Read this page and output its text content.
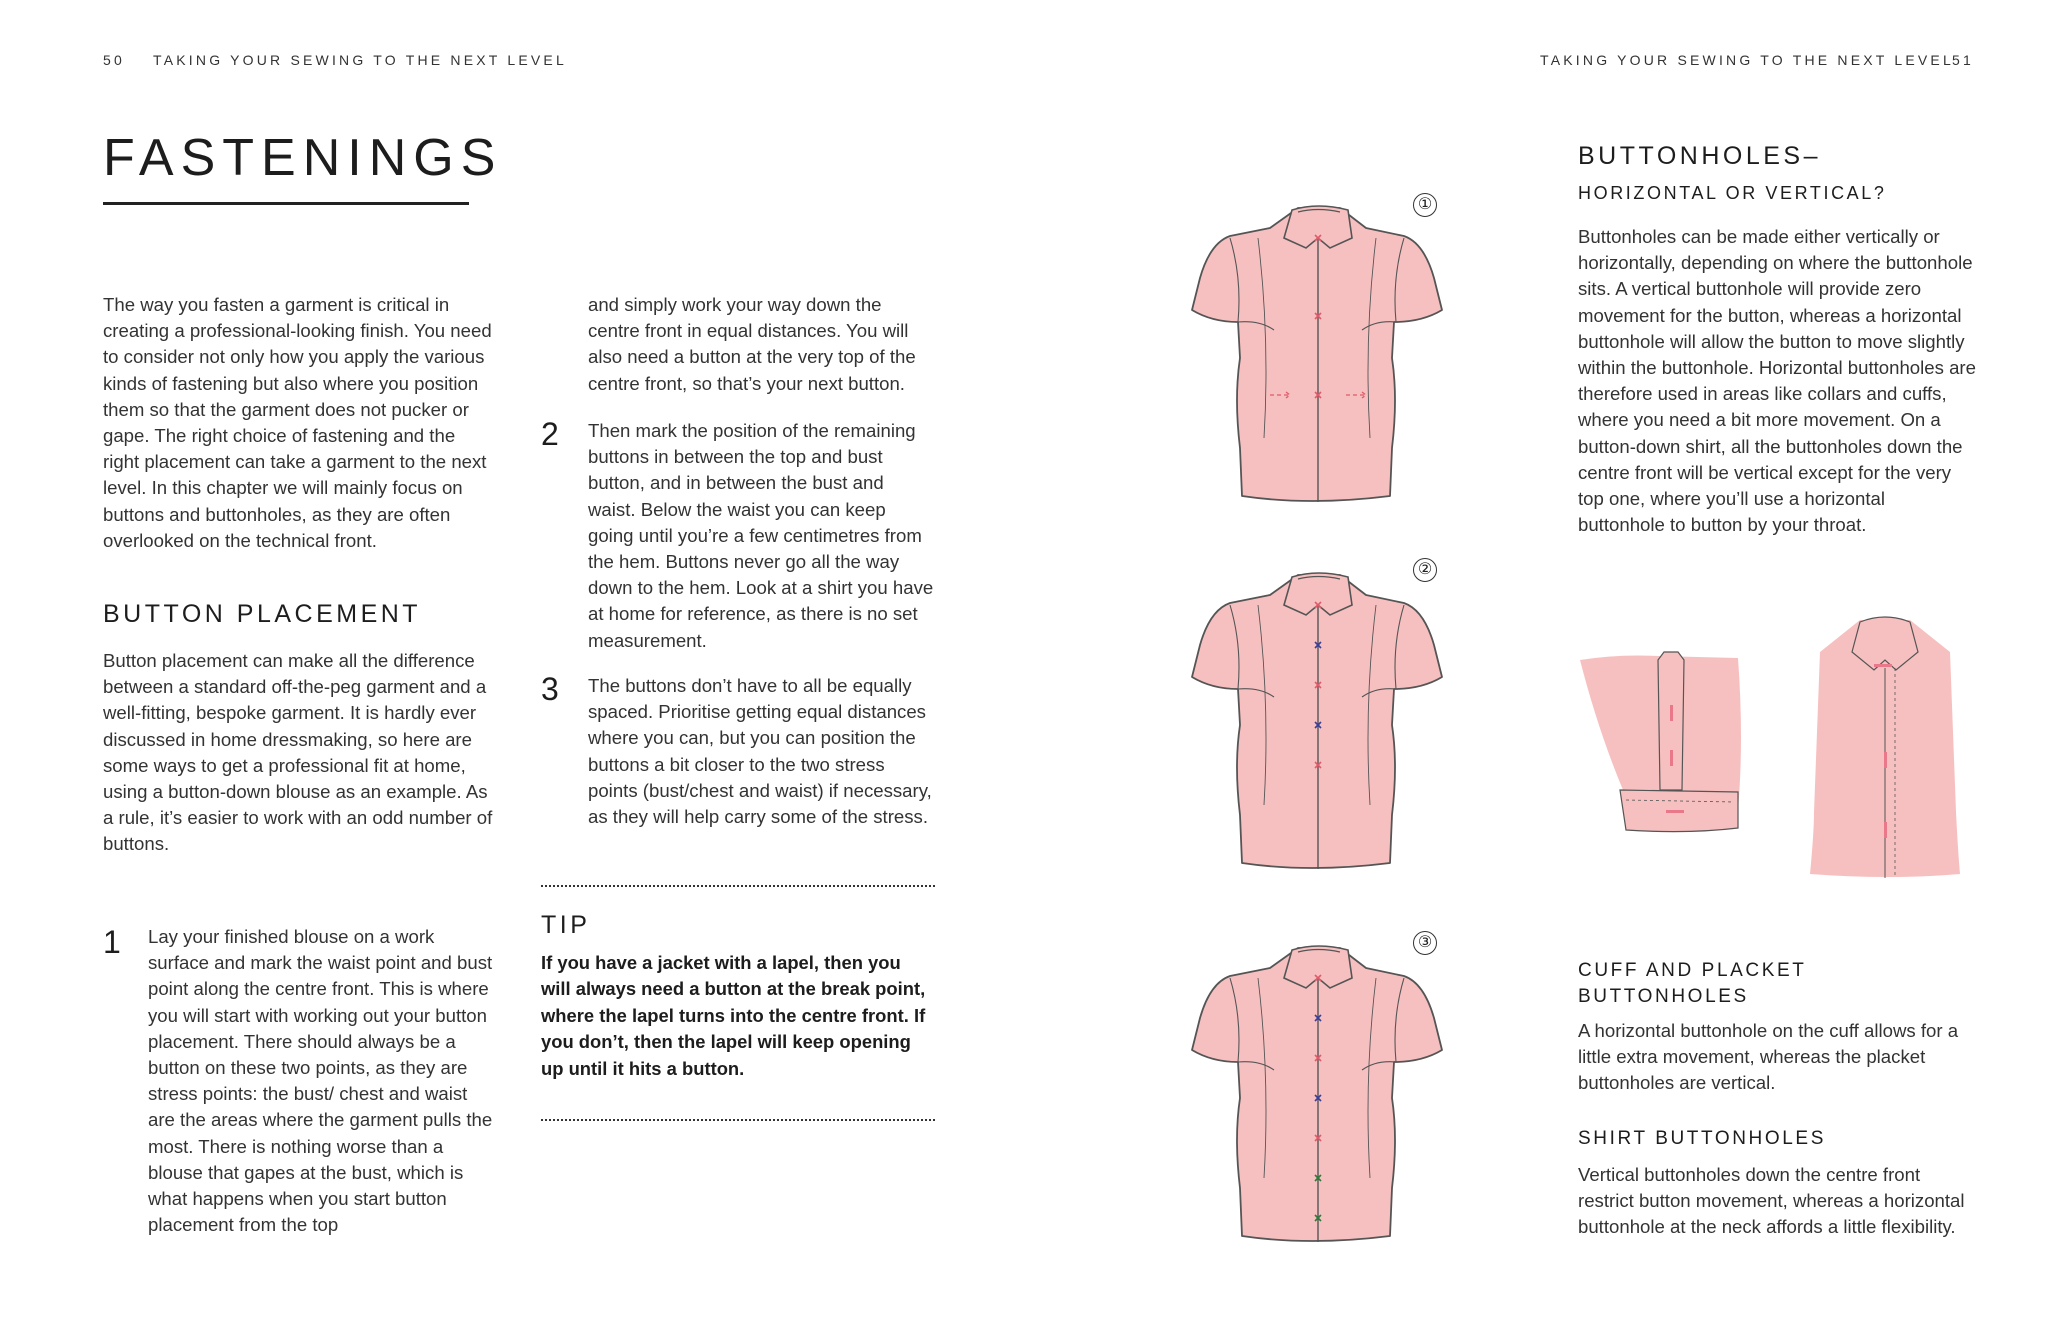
50 TAKING YOUR SEWING TO THE NEXT LEVEL	TAKING YOUR SEWING TO THE NEXT LEVEL
51
FASTENINGS

The way you fasten a garment is critical in creating a professional-looking finish. You need to consider not only how you apply the various kinds of fastening but also where you position them so that the garment does not pucker or gape. The right choice of fastening and the right placement can take a garment to the next level. In this chapter we will mainly focus on buttons and buttonholes, as they are often overlooked on the technical front.

BUTTON PLACEMENT

Button placement can make all the difference between a standard off-the-peg garment and a well-fitting, bespoke garment. It is hardly ever discussed in home dressmaking, so here are some ways to get a professional fit at home, using a button-down blouse as an example. As a rule, it’s easier to work with an odd number of buttons.

1 Lay your finished blouse on a work surface and mark the waist point and bust point along the centre front. This is where you will start with working out your button placement. There should always be a button on these two points, as they are stress points: the bust/ chest and waist are the areas where the garment pulls the most. There is nothing worse than a blouse that gapes at the bust, which is what happens when you start button placement from the top

and simply work your way down the centre front in equal distances. You will also need a button at the very top of the centre front, so that’s your next button.

2 Then mark the position of the remaining buttons in between the top and bust button, and in between the bust and waist. Below the waist you can keep going until you’re a few centimetres from the hem. Buttons never go all the way down to the hem. Look at a shirt you have at home for reference, as there is no set measurement.

3 The buttons don’t have to all be equally spaced. Prioritise getting equal distances where you can, but you can position the buttons a bit closer to the two stress points (bust/chest and waist) if necessary, as they will help carry some of the stress.

TIP

If you have a jacket with a lapel, then you will always need a button at the break point, where the lapel turns into the centre front. If you don’t, then the lapel will keep opening up until it hits a button.

①
②
③
BUTTONHOLES–
HORIZONTAL OR VERTICAL?

Buttonholes can be made either vertically or horizontally, depending on where the buttonhole sits. A vertical buttonhole will provide zero movement for the button, whereas a horizontal buttonhole will allow the button to move slightly within the buttonhole. Horizontal buttonholes are therefore used in areas like collars and cuffs, where you need a bit more movement. On a button-down shirt, all the buttonholes down the centre front will be vertical except for the very top one, where you’ll use a horizontal buttonhole to button by your throat.

CUFF AND PLACKET BUTTONHOLES

A horizontal buttonhole on the cuff allows for a little extra movement, whereas the placket buttonholes are vertical.

SHIRT BUTTONHOLES

Vertical buttonholes down the centre front restrict button movement, whereas a horizontal buttonhole at the neck affords a little flexibility.
